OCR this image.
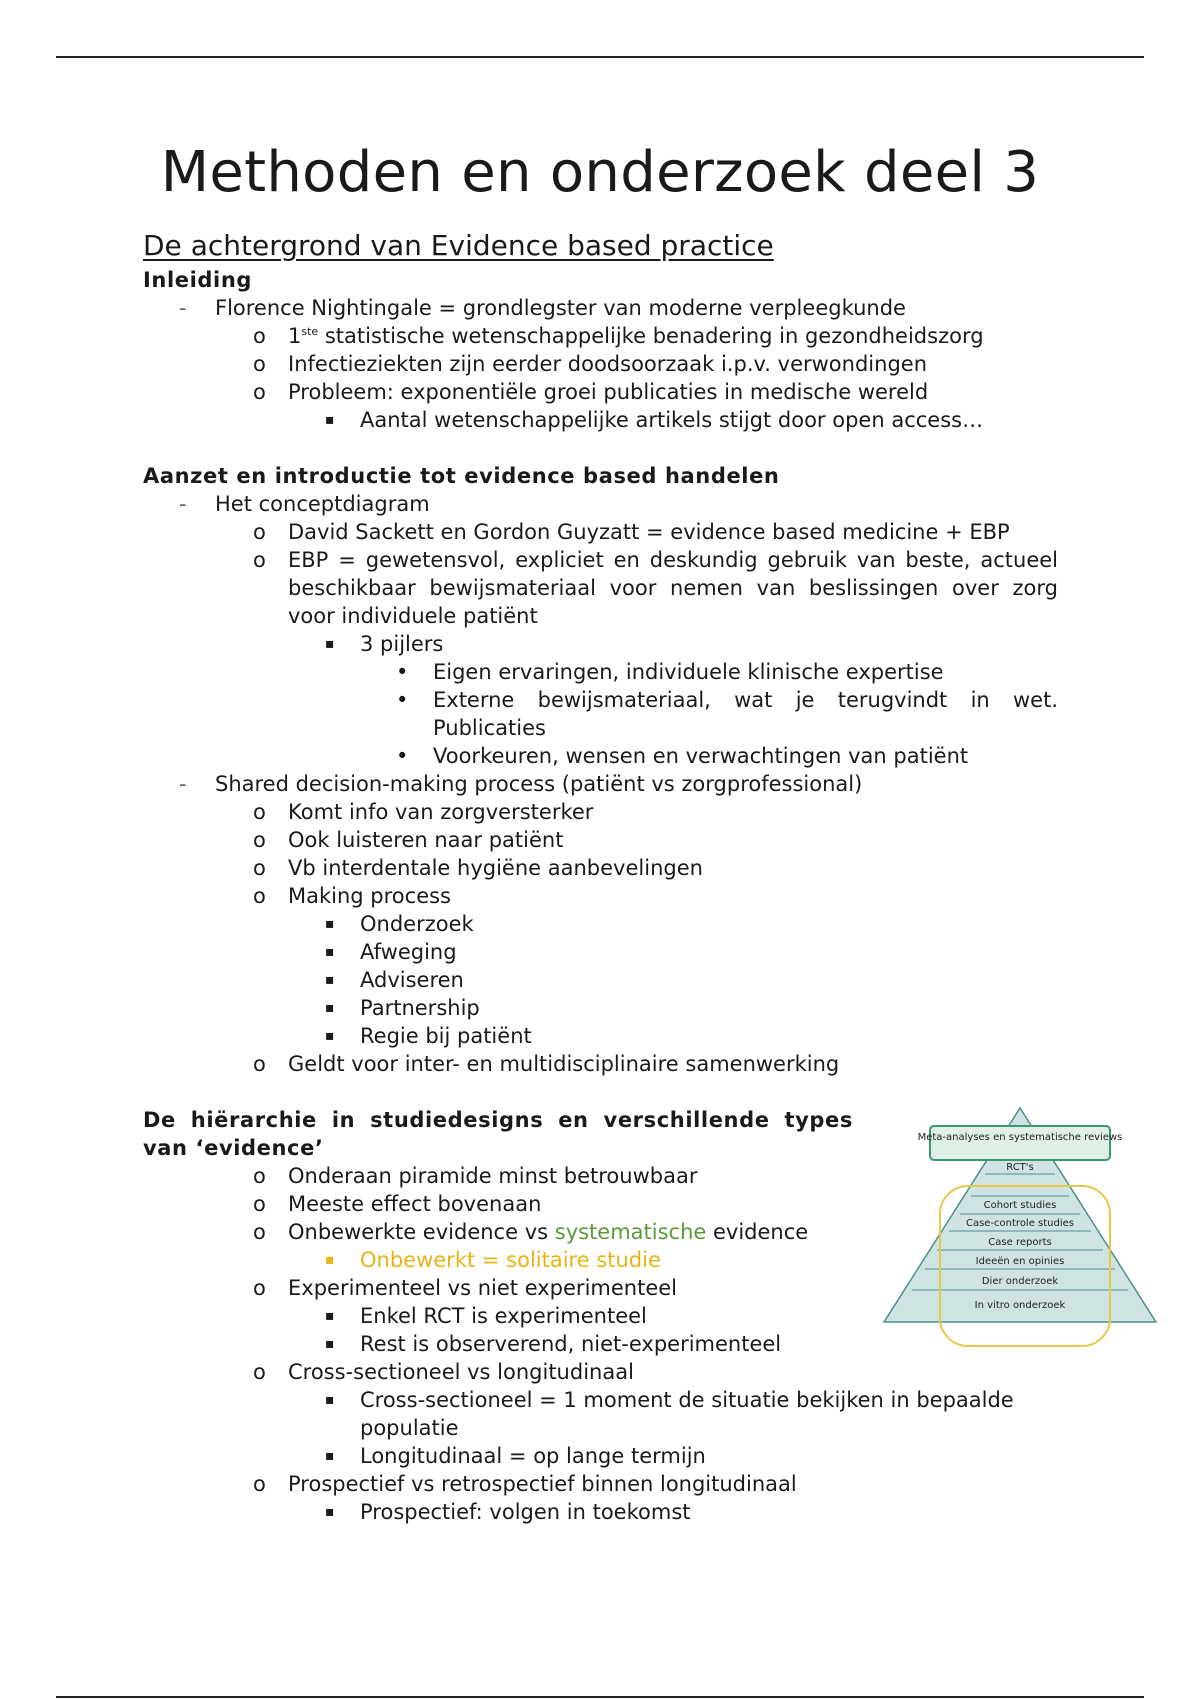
Methoden en onderzoek deel 3
De achtergrond van Evidence based practice
Inleiding
- Florence Nightingale = grondlegster van moderne verpleegkunde
o 1ste statistische wetenschappelijke benadering in gezondheidszorg
o Infectieziekten zijn eerder doodsoorzaak i.p.v. verwondingen
o Probleem: exponentiële groei publicaties in medische wereld
▪ Aantal wetenschappelijke artikels stijgt door open access…
Aanzet en introductie tot evidence based handelen
- Het conceptdiagram
o David Sackett en Gordon Guyzatt = evidence based medicine + EBP
o EBP = gewetensvol, expliciet en deskundig gebruik van beste, actueel beschikbaar bewijsmateriaal voor nemen van beslissingen over zorg voor individuele patiënt
▪ 3 pijlers
• Eigen ervaringen, individuele klinische expertise
• Externe bewijsmateriaal, wat je terugvindt in wet. Publicaties
• Voorkeuren, wensen en verwachtingen van patiënt
- Shared decision-making process (patiënt vs zorgprofessional)
o Komt info van zorgversterker
o Ook luisteren naar patiënt
o Vb interdentale hygiëne aanbevelingen
o Making process
▪ Onderzoek
▪ Afweging
▪ Adviseren
▪ Partnership
▪ Regie bij patiënt
o Geldt voor inter- en multidisciplinaire samenwerking
De hiërarchie in studiedesigns en verschillende types van ‘evidence’
o Onderaan piramide minst betrouwbaar
o Meeste effect bovenaan
o Onbewerkte evidence vs systematische evidence
▪ Onbewerkt = solitaire studie
o Experimenteel vs niet experimenteel
▪ Enkel RCT is experimenteel
▪ Rest is observerend, niet-experimenteel
o Cross-sectioneel vs longitudinaal
▪ Cross-sectioneel = 1 moment de situatie bekijken in bepaalde populatie
▪ Longitudinaal = op lange termijn
o Prospectief vs retrospectief binnen longitudinaal
▪ Prospectief: volgen in toekomst
Meta-analyses en systematische reviews
RCT's
Cohort studies
Case-controle studies
Case reports
Ideeën en opinies
Dier onderzoek
In vitro onderzoek
